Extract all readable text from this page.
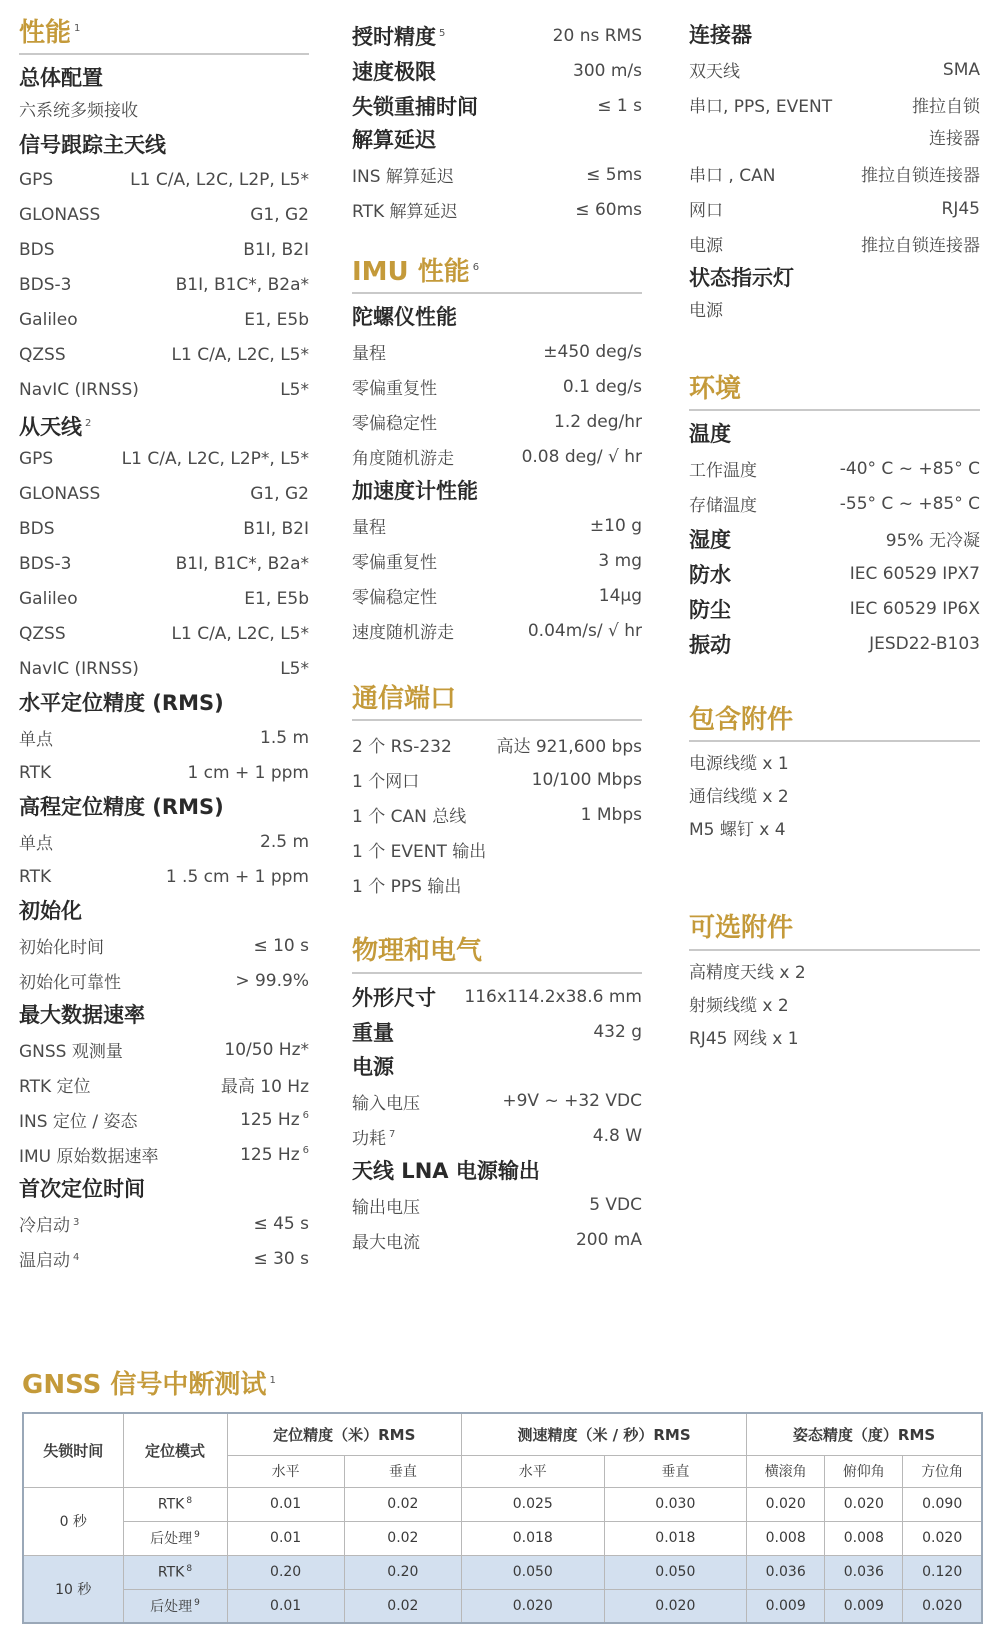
性能 $^1$
总体配置
六系统多频接收
信号跟踪主天线
GPS	L1 C/A, L2C, L2P, L5*
GLONASS	G1, G2
BDS	B1I, B2I
BDS-3	B1I, B1C*, B2a*
Galileo	E1, E5b
QZSS	L1 C/A, L2C, L5*
NavIC (IRNSS)	L5*
从天线 $^2$
GPS	L1 C/A, L2C, L2P*, L5*
GLONASS	G1, G2
BDS	B1I, B2I
BDS-3	B1I, B1C*, B2a*
Galileo	E1, E5b
QZSS	L1 C/A, L2C, L5*
NavIC (IRNSS)	L5*
水平定位精度 (RMS)
单点	1.5 m
RTK	1 cm + 1 ppm
高程定位精度 (RMS)
单点	2.5 m
RTK	1 .5 cm + 1 ppm
初始化
初始化时间	≤ 10 s
初始化可靠性	> 99.9%
最大数据速率
GNSS 观测量	10/50 Hz*
RTK 定位	最高 10 Hz
INS 定位 / 姿态	125 Hz $^6$
IMU 原始数据速率	125 Hz $^6$
首次定位时间
冷启动 $^3$	≤ 45 s
温启动 $^4$	≤ 30 s
授时精度 $^5$	20 ns RMS
速度极限	300 m/s
失锁重捕时间	≤ 1 s
解算延迟
INS 解算延迟	≤ 5ms
RTK 解算延迟	≤ 60ms
IMU 性能 $^6$
陀螺仪性能
量程	±450 deg/s
零偏重复性	0.1 deg/s
零偏稳定性	1.2 deg/hr
角度随机游走	0.08 deg/ √ hr
加速度计性能
量程	±10 g
零偏重复性	3 mg
零偏稳定性	14μg
速度随机游走	0.04m/s/ √ hr
通信端口
2 个 RS-232	高达 921,600 bps
1 个网口	10/100 Mbps
1 个 CAN 总线	1 Mbps
1 个 EVENT 输出
1 个 PPS 输出
物理和电气
外形尺寸 116x114.2x38.6 mm
重量	432 g
电源
输入电压	+9V ~ +32 VDC
功耗 $^7$	4.8 W
天线 LNA 电源输出
输出电压	5 VDC
最大电流	200 mA
连接器
双天线	SMA
串口, PPS, EVENT	推拉自锁
连接器
串口 , CAN	推拉自锁连接器
网口	RJ45
电源	推拉自锁连接器
状态指示灯
电源
环境
温度
工作温度	-40° C ~ +85° C
存储温度	-55° C ~ +85° C
湿度	95% 无冷凝
防水	IEC 60529 IPX7
防尘	IEC 60529 IP6X
振动	JESD22-B103
包含附件
电源线缆 x 1
通信线缆 x 2
M5 螺钉 x 4
可选附件
高精度天线 x 2
射频线缆 x 2
RJ45 网线 x 1
GNSS 信号中断测试 $^1$
失锁时间	定位模式	定位精度（米）RMS		测速精度（米 / 秒）RMS		姿态精度（度）RMS		
		水平	垂直	水平	垂直	横滚角	俯仰角	方位角
0 秒	RTK $^8$	0.01	0.02	0.025	0.030	0.020	0.020	0.090
	后处理 $^9$	0.01	0.02	0.018	0.018	0.008	0.008	0.020
10 秒	RTK $^8$	0.20	0.20	0.050	0.050	0.036	0.036	0.120
	后处理 $^9$	0.01	0.02	0.020	0.020	0.009	0.009	0.020
